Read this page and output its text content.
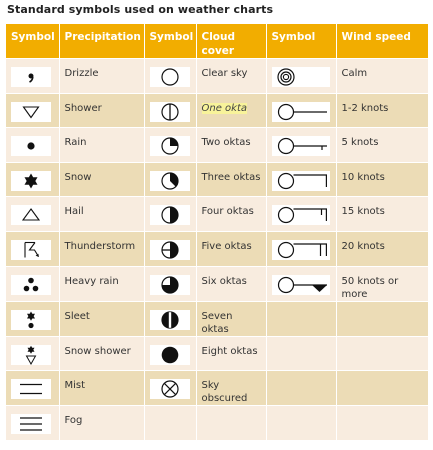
Standard symbols used on weather charts
Symbol	Precipitation	Symbol	Cloud cover	Symbol	Wind speed

	Drizzle		Clear sky		Calm

	Shower		One okta		1-2 knots

	Rain		Two oktas		5 knots

	Snow		Three oktas		10 knots

	Hail		Four oktas		15 knots

	Thunderstorm		Five oktas		20 knots

	Heavy rain		Six oktas		50 knots or more

	Sleet		Seven oktas		

	Snow shower		Eight oktas		

	Mist		Sky obscured		

	Fog				
